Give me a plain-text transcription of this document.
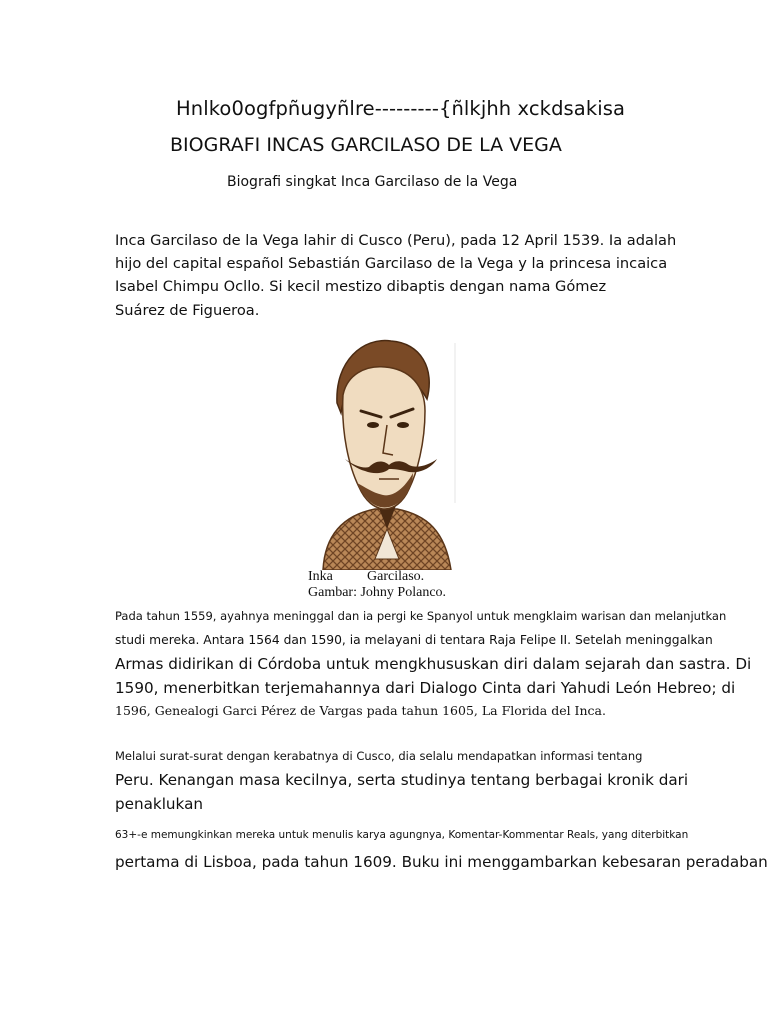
Hnlko0ogfpñugyñlre---------{ñlkjhh xckdsakisa
BIOGRAFI INCAS GARCILASO DE LA VEGA
Biografi singkat Inca Garcilaso de la Vega
Inca Garcilaso de la Vega lahir di Cusco (Peru), pada 12 April 1539. Ia adalah
hijo del capital español Sebastián Garcilaso de la Vega y la princesa incaica
Isabel Chimpu Ocllo. Si kecil mestizo dibaptis dengan nama Gómez
Suárez de Figueroa.
Inka Garcilaso.
Gambar: Johny Polanco.
Pada tahun 1559, ayahnya meninggal dan ia pergi ke Spanyol untuk mengklaim warisan dan melanjutkan
studi mereka. Antara 1564 dan 1590, ia melayani di tentara Raja Felipe II. Setelah meninggalkan
Armas didirikan di Córdoba untuk mengkhususkan diri dalam sejarah dan sastra. Di
1590, menerbitkan terjemahannya dari Dialogo Cinta dari Yahudi León Hebreo; di
1596, Genealogi Garci Pérez de Vargas pada tahun 1605, La Florida del Inca.
Melalui surat-surat dengan kerabatnya di Cusco, dia selalu mendapatkan informasi tentang
Peru. Kenangan masa kecilnya, serta studinya tentang berbagai kronik dari
penaklukan
63+-e memungkinkan mereka untuk menulis karya agungnya, Komentar-Kommentar Reals, yang diterbitkan
pertama di Lisboa, pada tahun 1609. Buku ini menggambarkan kebesaran peradaban
